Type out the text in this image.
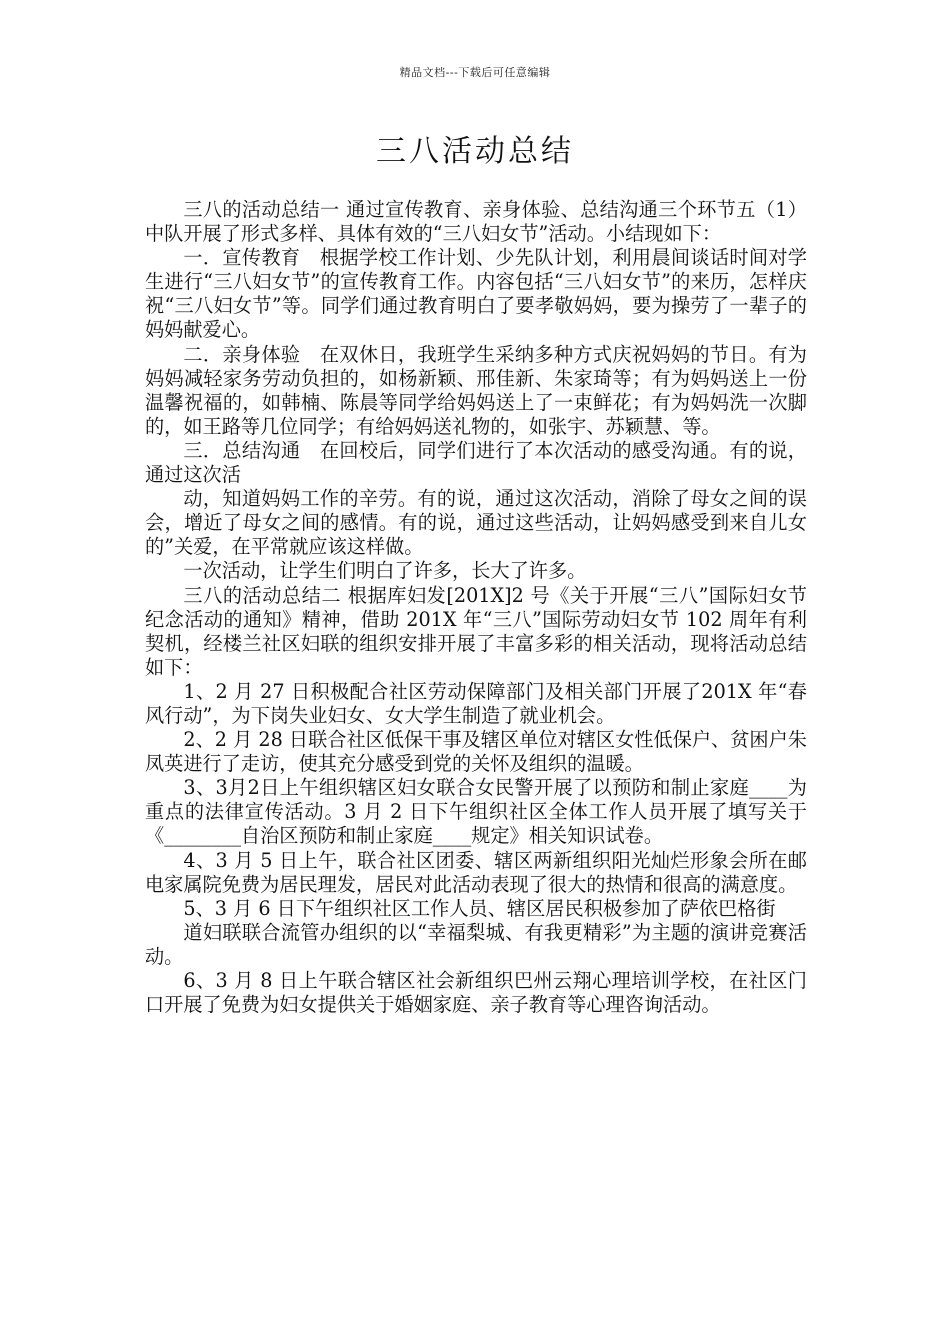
精品文档---下载后可任意编辑
三八活动总结

三八的活动总结一 通过宣传教育、亲身体验、总结沟通三个环节五（1）中队开展了形式多样、具体有效的“三八妇女节”活动。小结现如下：

一．宣传教育　根据学校工作计划、少先队计划，利用晨间谈话时间对学生进行“三八妇女节”的宣传教育工作。内容包括“三八妇女节”的来历，怎样庆祝“三八妇女节”等。同学们通过教育明白了要孝敬妈妈，要为操劳了一辈子的妈妈献爱心。

二．亲身体验　在双休日，我班学生采纳多种方式庆祝妈妈的节日。有为妈妈减轻家务劳动负担的，如杨新颖、邢佳新、朱家琦等；有为妈妈送上一份温馨祝福的，如韩楠、陈晨等同学给妈妈送上了一束鲜花；有为妈妈洗一次脚的，如王路等几位同学；有给妈妈送礼物的，如张宇、苏颖慧、等。

三．总结沟通　在回校后，同学们进行了本次活动的感受沟通。有的说，通过这次活

动，知道妈妈工作的辛劳。有的说，通过这次活动，消除了母女之间的误会，增近了母女之间的感情。有的说，通过这些活动，让妈妈感受到来自儿女的”关爱，在平常就应该这样做。

一次活动，让学生们明白了许多，长大了许多。

三八的活动总结二 根据库妇发[201X]2 号《关于开展“三八”国际妇女节纪念活动的通知》精神，借助 201X 年“三八”国际劳动妇女节 102 周年有利契机，经楼兰社区妇联的组织安排开展了丰富多彩的相关活动，现将活动总结如下：

1、2 月 27 日积极配合社区劳动保障部门及相关部门开展了201X 年“春风行动”，为下岗失业妇女、女大学生制造了就业机会。

2、2 月 28 日联合社区低保干事及辖区单位对辖区女性低保户、贫困户朱凤英进行了走访，使其充分感受到党的关怀及组织的温暖。

3、3月2日上午组织辖区妇女联合女民警开展了以预防和制止家庭____为重点的法律宣传活动。3 月 2 日下午组织社区全体工作人员开展了填写关于《________自治区预防和制止家庭____规定》相关知识试卷。

4、3 月 5 日上午，联合社区团委、辖区两新组织阳光灿烂形象会所在邮电家属院免费为居民理发，居民对此活动表现了很大的热情和很高的满意度。

5、3 月 6 日下午组织社区工作人员、辖区居民积极参加了萨依巴格街

道妇联联合流管办组织的以“幸福梨城、有我更精彩”为主题的演讲竞赛活动。

6、3 月 8 日上午联合辖区社会新组织巴州云翔心理培训学校，在社区门口开展了免费为妇女提供关于婚姻家庭、亲子教育等心理咨询活动。
